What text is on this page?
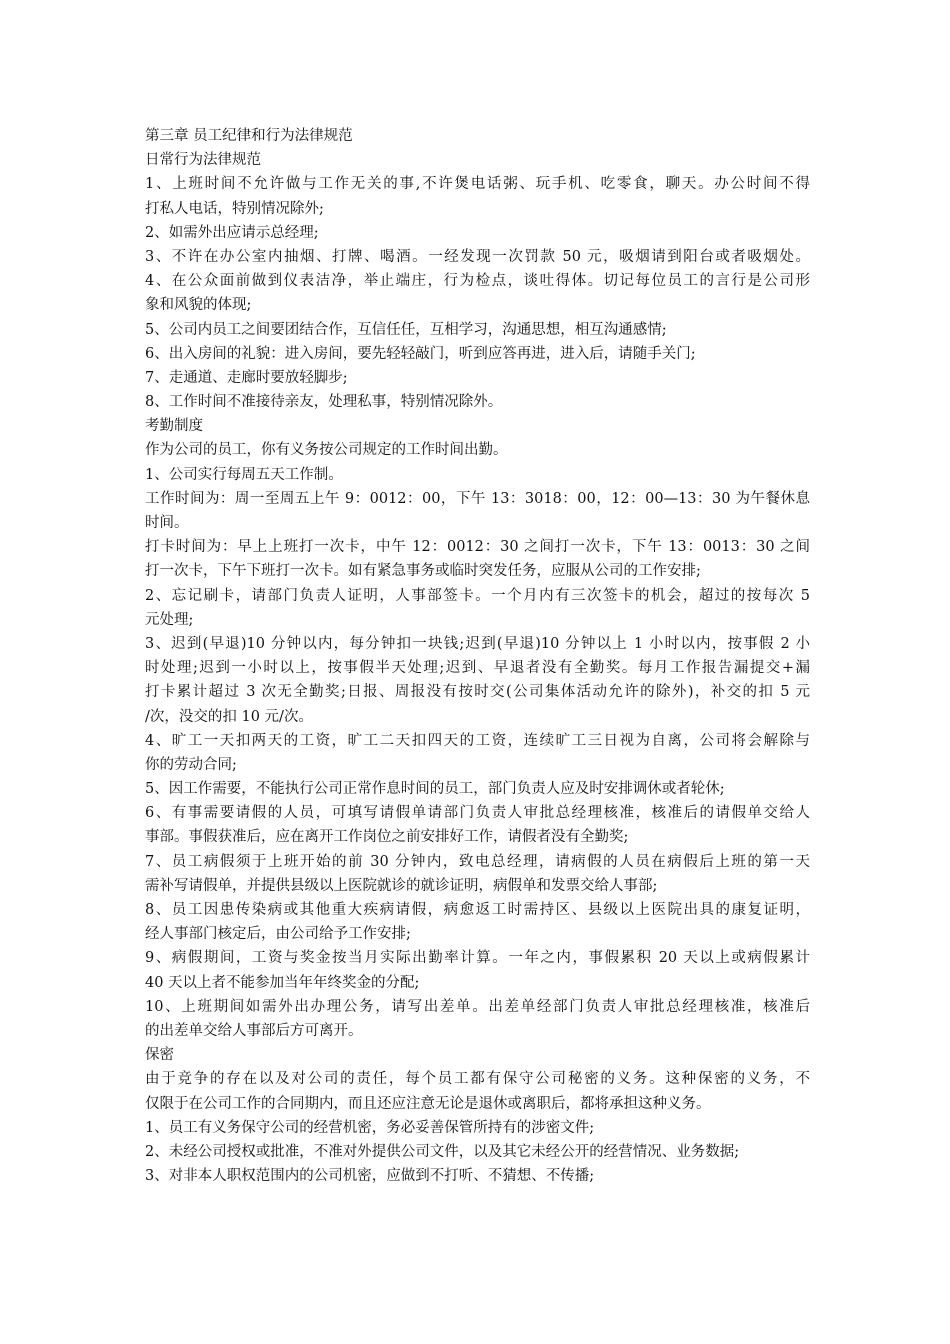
第三章 员工纪律和行为法律规范
日常行为法律规范
1、上班时间不允许做与工作无关的事,不许煲电话粥、玩手机、吃零食，聊天。办公时间不得
打私人电话，特别情况除外;
2、如需外出应请示总经理;
3、不许在办公室内抽烟、打牌、喝酒。一经发现一次罚款 50 元，吸烟请到阳台或者吸烟处。
4、在公众面前做到仪表洁净，举止端庄，行为检点，谈吐得体。切记每位员工的言行是公司形
象和风貌的体现;
5、公司内员工之间要团结合作，互信任任，互相学习，沟通思想，相互沟通感情;
6、出入房间的礼貌：进入房间，要先轻轻敲门，听到应答再进，进入后，请随手关门;
7、走通道、走廊时要放轻脚步;
8、工作时间不准接待亲友，处理私事，特别情况除外。
考勤制度
作为公司的员工，你有义务按公司规定的工作时间出勤。
1、公司实行每周五天工作制。
工作时间为：周一至周五上午 9：0012：00，下午 13：3018：00，12：00—13：30 为午餐休息
时间。
打卡时间为：早上上班打一次卡，中午 12：0012：30 之间打一次卡，下午 13：0013：30 之间
打一次卡，下午下班打一次卡。如有紧急事务或临时突发任务，应服从公司的工作安排;
2、忘记刷卡，请部门负责人证明，人事部签卡。一个月内有三次签卡的机会，超过的按每次 5
元处理;
3、迟到(早退)10 分钟以内，每分钟扣一块钱;迟到(早退)10 分钟以上 1 小时以内，按事假 2 小
时处理;迟到一小时以上，按事假半天处理;迟到、早退者没有全勤奖。每月工作报告漏提交+漏
打卡累计超过 3 次无全勤奖;日报、周报没有按时交(公司集体活动允许的除外)，补交的扣 5 元
/次，没交的扣 10 元/次。
4、旷工一天扣两天的工资，旷工二天扣四天的工资，连续旷工三日视为自离，公司将会解除与
你的劳动合同;
5、因工作需要，不能执行公司正常作息时间的员工，部门负责人应及时安排调休或者轮休;
6、有事需要请假的人员，可填写请假单请部门负责人审批总经理核准，核准后的请假单交给人
事部。事假获准后，应在离开工作岗位之前安排好工作，请假者没有全勤奖;
7、员工病假须于上班开始的前 30 分钟内，致电总经理，请病假的人员在病假后上班的第一天
需补写请假单，并提供县级以上医院就诊的就诊证明，病假单和发票交给人事部;
8、员工因患传染病或其他重大疾病请假，病愈返工时需持区、县级以上医院出具的康复证明，
经人事部门核定后，由公司给予工作安排;
9、病假期间，工资与奖金按当月实际出勤率计算。一年之内，事假累积 20 天以上或病假累计
40 天以上者不能参加当年年终奖金的分配;
10、上班期间如需外出办理公务，请写出差单。出差单经部门负责人审批总经理核准，核准后
的出差单交给人事部后方可离开。
保密
由于竞争的存在以及对公司的责任，每个员工都有保守公司秘密的义务。这种保密的义务，不
仅限于在公司工作的合同期内，而且还应注意无论是退休或离职后，都将承担这种义务。
1、员工有义务保守公司的经营机密，务必妥善保管所持有的涉密文件;
2、未经公司授权或批准，不准对外提供公司文件，以及其它未经公开的经营情况、业务数据;
3、对非本人职权范围内的公司机密，应做到不打听、不猜想、不传播;
